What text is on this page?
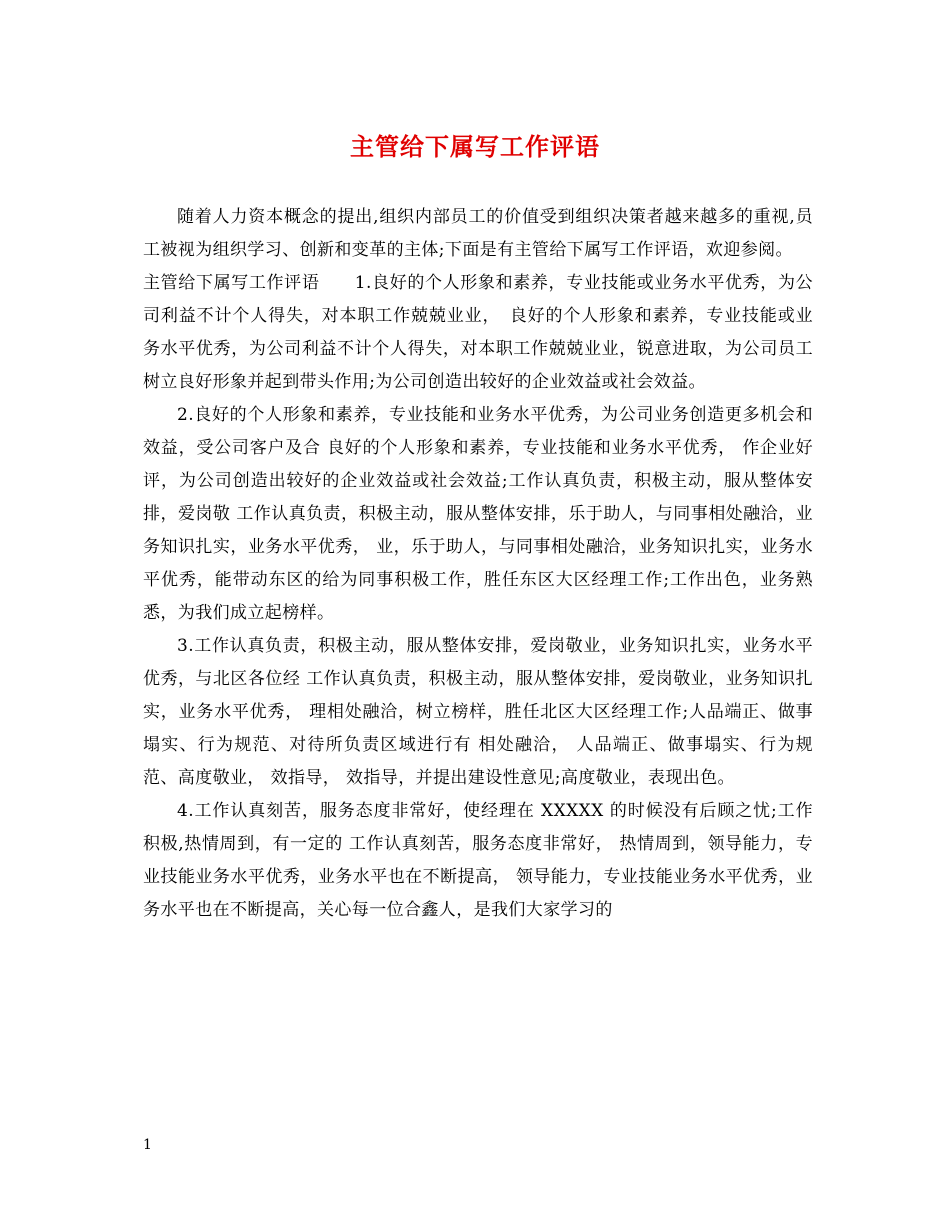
主管给下属写工作评语

随着人力资本概念的提出,组织内部员工的价值受到组织决策者越来越多的重视,员工被视为组织学习、创新和变革的主体;下面是有主管给下属写工作评语，欢迎参阅。

主管给下属写工作评语　　1.良好的个人形象和素养，专业技能或业务水平优秀，为公司利益不计个人得失，对本职工作兢兢业业，　良好的个人形象和素养，专业技能或业务水平优秀，为公司利益不计个人得失，对本职工作兢兢业业，锐意进取，为公司员工树立良好形象并起到带头作用;为公司创造出较好的企业效益或社会效益。

2.良好的个人形象和素养，专业技能和业务水平优秀，为公司业务创造更多机会和效益，受公司客户及合 良好的个人形象和素养，专业技能和业务水平优秀， 作企业好评，为公司创造出较好的企业效益或社会效益;工作认真负责，积极主动，服从整体安排，爱岗敬 工作认真负责，积极主动，服从整体安排，乐于助人，与同事相处融洽，业务知识扎实，业务水平优秀， 业，乐于助人，与同事相处融洽，业务知识扎实，业务水平优秀，能带动东区的给为同事积极工作，胜任东区大区经理工作;工作出色，业务熟悉，为我们成立起榜样。

3.工作认真负责，积极主动，服从整体安排，爱岗敬业，业务知识扎实，业务水平优秀，与北区各位经 工作认真负责，积极主动，服从整体安排，爱岗敬业，业务知识扎实，业务水平优秀， 理相处融洽，树立榜样，胜任北区大区经理工作;人品端正、做事塌实、行为规范、对待所负责区域进行有 相处融洽， 人品端正、做事塌实、行为规范、高度敬业， 效指导， 效指导，并提出建设性意见;高度敬业，表现出色。

4.工作认真刻苦，服务态度非常好，使经理在 XXXXX 的时候没有后顾之忧;工作积极,热情周到，有一定的 工作认真刻苦，服务态度非常好， 热情周到，领导能力，专业技能业务水平优秀，业务水平也在不断提高， 领导能力，专业技能业务水平优秀，业务水平也在不断提高，关心每一位合鑫人，是我们大家学习的

1
